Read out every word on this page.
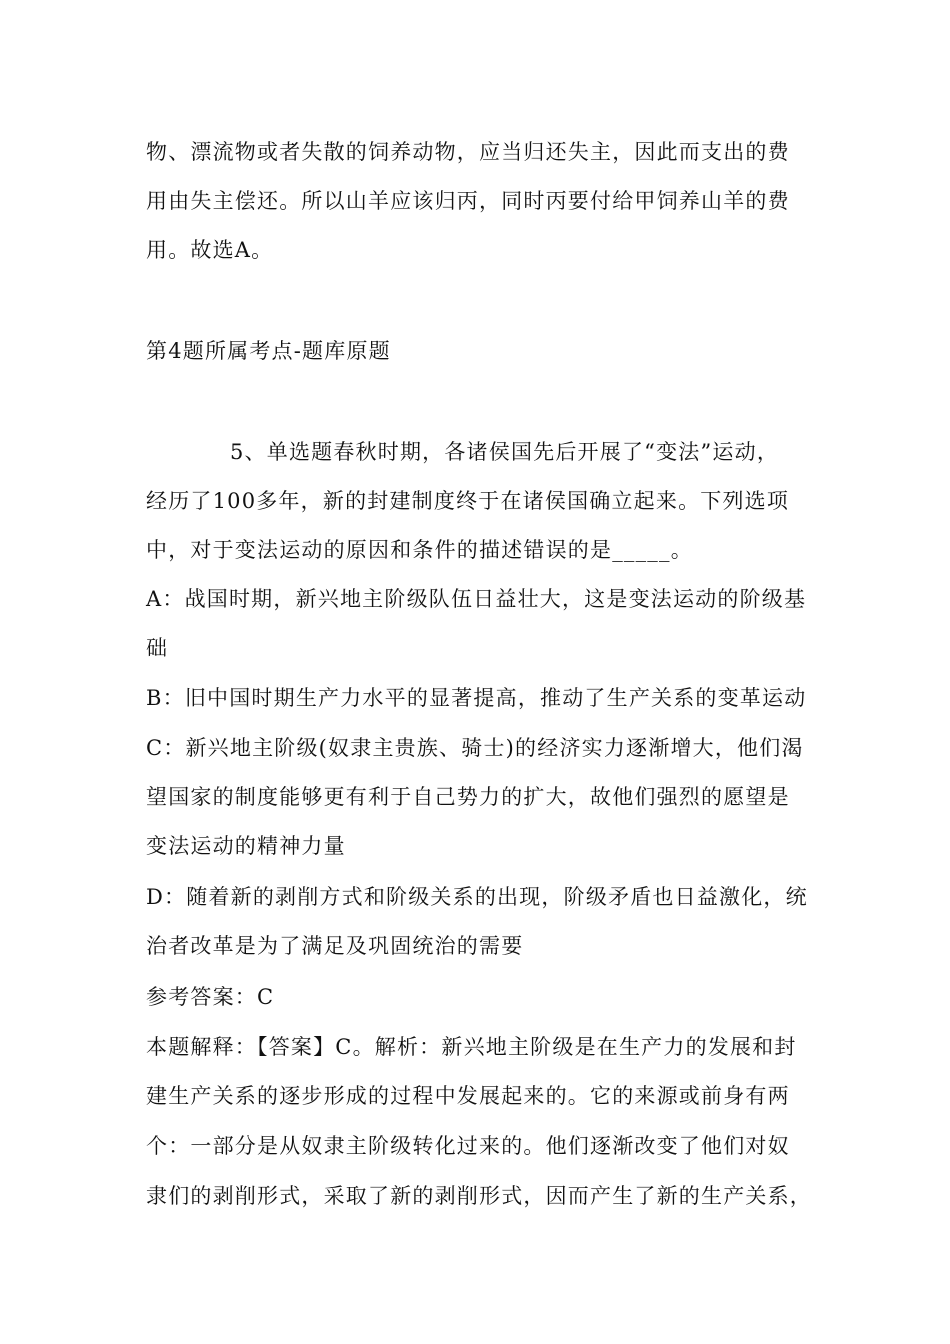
物、漂流物或者失散的饲养动物，应当归还失主，因此而支出的费
用由失主偿还。所以山羊应该归丙，同时丙要付给甲饲养山羊的费
用。故选A。
第4题所属考点-题库原题
5、单选题春秋时期，各诸侯国先后开展了“变法”运动，
经历了100多年，新的封建制度终于在诸侯国确立起来。下列选项
中，对于变法运动的原因和条件的描述错误的是_____。
A：战国时期，新兴地主阶级队伍日益壮大，这是变法运动的阶级基
础
B：旧中国时期生产力水平的显著提高，推动了生产关系的变革运动
C：新兴地主阶级(奴隶主贵族、骑士)的经济实力逐渐增大，他们渴
望国家的制度能够更有利于自己势力的扩大，故他们强烈的愿望是
变法运动的精神力量
D：随着新的剥削方式和阶级关系的出现，阶级矛盾也日益激化，统
治者改革是为了满足及巩固统治的需要
参考答案：C
本题解释：【答案】C。解析：新兴地主阶级是在生产力的发展和封
建生产关系的逐步形成的过程中发展起来的。它的来源或前身有两
个：一部分是从奴隶主阶级转化过来的。他们逐渐改变了他们对奴
隶们的剥削形式，采取了新的剥削形式，因而产生了新的生产关系，
